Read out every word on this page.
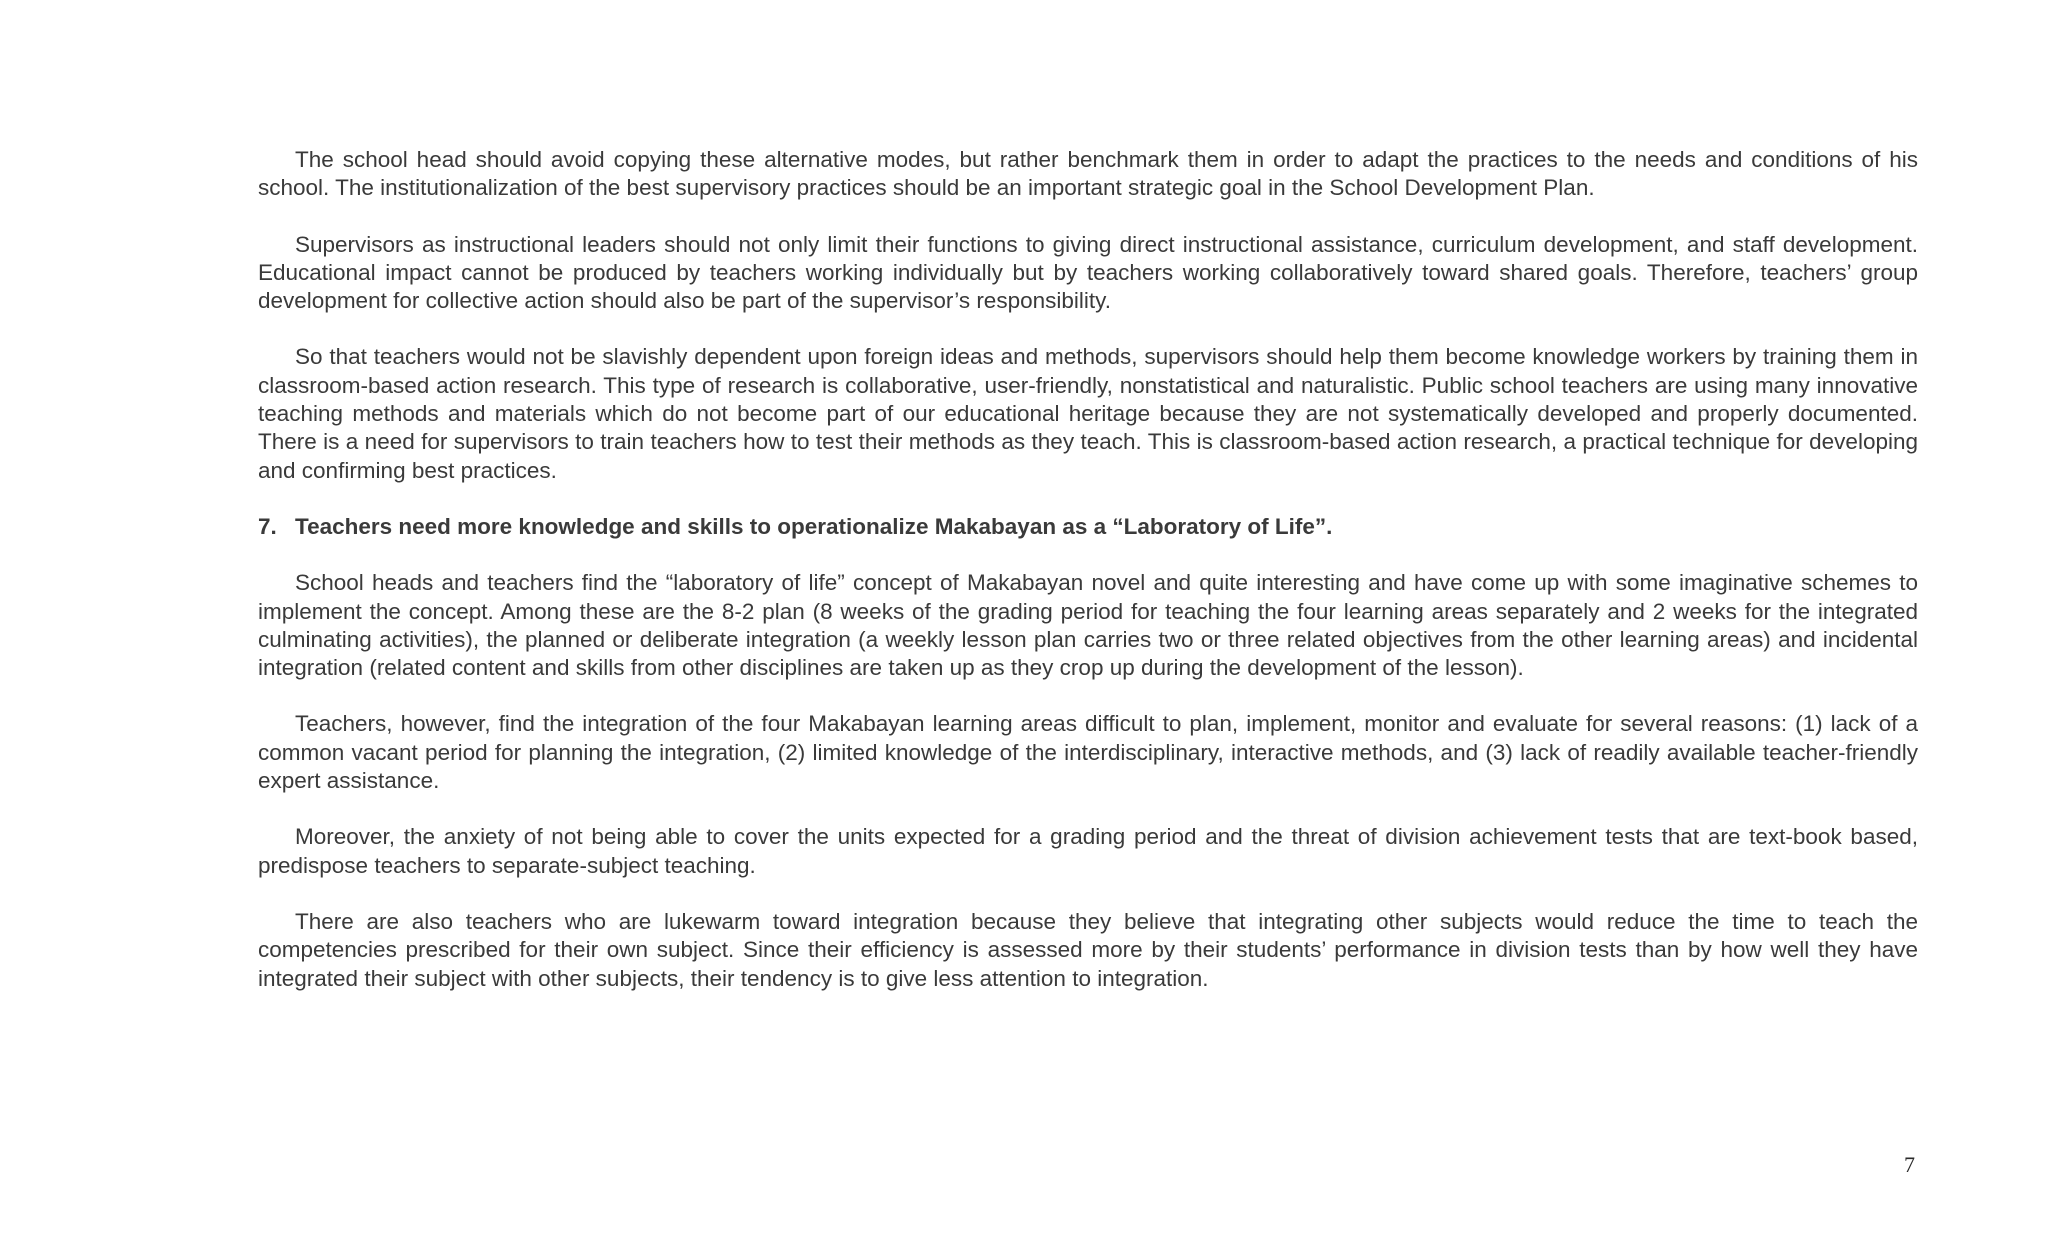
The school head should avoid copying these alternative modes, but rather benchmark them in order to adapt the practices to the needs and conditions of his school. The institutionalization of the best supervisory practices should be an important strategic goal in the School Development Plan.

Supervisors as instructional leaders should not only limit their functions to giving direct instructional assistance, curriculum development, and staff development. Educational impact cannot be produced by teachers working individually but by teachers working collaboratively toward shared goals. Therefore, teachers’ group development for collective action should also be part of the supervisor’s responsibility.

So that teachers would not be slavishly dependent upon foreign ideas and methods, supervisors should help them become knowledge workers by training them in classroom-based action research. This type of research is collaborative, user-friendly, nonstatistical and naturalistic. Public school teachers are using many innovative teaching methods and materials which do not become part of our educational heritage because they are not systematically developed and properly documented. There is a need for supervisors to train teachers how to test their methods as they teach. This is classroom-based action research, a practical technique for developing and confirming best practices.

7. Teachers need more knowledge and skills to operationalize Makabayan as a “Laboratory of Life”.

School heads and teachers find the “laboratory of life” concept of Makabayan novel and quite interesting and have come up with some imaginative schemes to implement the concept. Among these are the 8-2 plan (8 weeks of the grading period for teaching the four learning areas separately and 2 weeks for the integrated culminating activities), the planned or deliberate integration (a weekly lesson plan carries two or three related objectives from the other learning areas) and incidental integration (related content and skills from other disciplines are taken up as they crop up during the development of the lesson).

Teachers, however, find the integration of the four Makabayan learning areas difficult to plan, implement, monitor and evaluate for several reasons: (1) lack of a common vacant period for planning the integration, (2) limited knowledge of the interdisciplinary, interactive methods, and (3) lack of readily available teacher-friendly expert assistance.

Moreover, the anxiety of not being able to cover the units expected for a grading period and the threat of division achievement tests that are text-book based, predispose teachers to separate-subject teaching.

There are also teachers who are lukewarm toward integration because they believe that integrating other subjects would reduce the time to teach the competencies prescribed for their own subject. Since their efficiency is assessed more by their students’ performance in division tests than by how well they have integrated their subject with other subjects, their tendency is to give less attention to integration.

7
